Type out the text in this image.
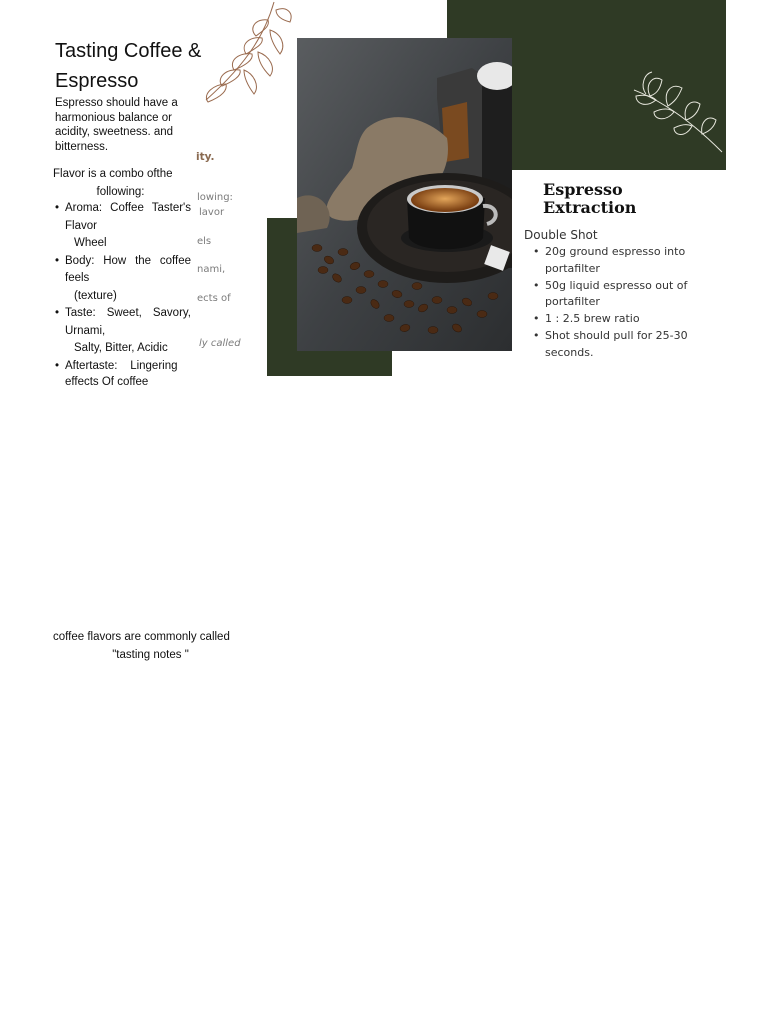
ity.
lowing:
lavor
els
nami,
ects of
ly called
Tasting Coffee & Espresso
Espresso should have a harmonious balance or acidity, sweetness. and bitterness.
Flavor is a combo ofthe
following:
• Aroma: Coffee Taster's Flavor
Wheel
• Body: How the coffee feels
(texture)
• Taste: Sweet, Savory, Urnami,
Salty, Bitter, Acidic
• Aftertaste:    Lingering
effects Of coffee
Espresso
Extraction
Double Shot
• 20g ground espresso into portafilter
• 50g liquid espresso out of portafilter
• 1 : 2.5 brew ratio
• Shot should pull for 25-30 seconds.
coffee flavors are commonly called
"tasting notes "
